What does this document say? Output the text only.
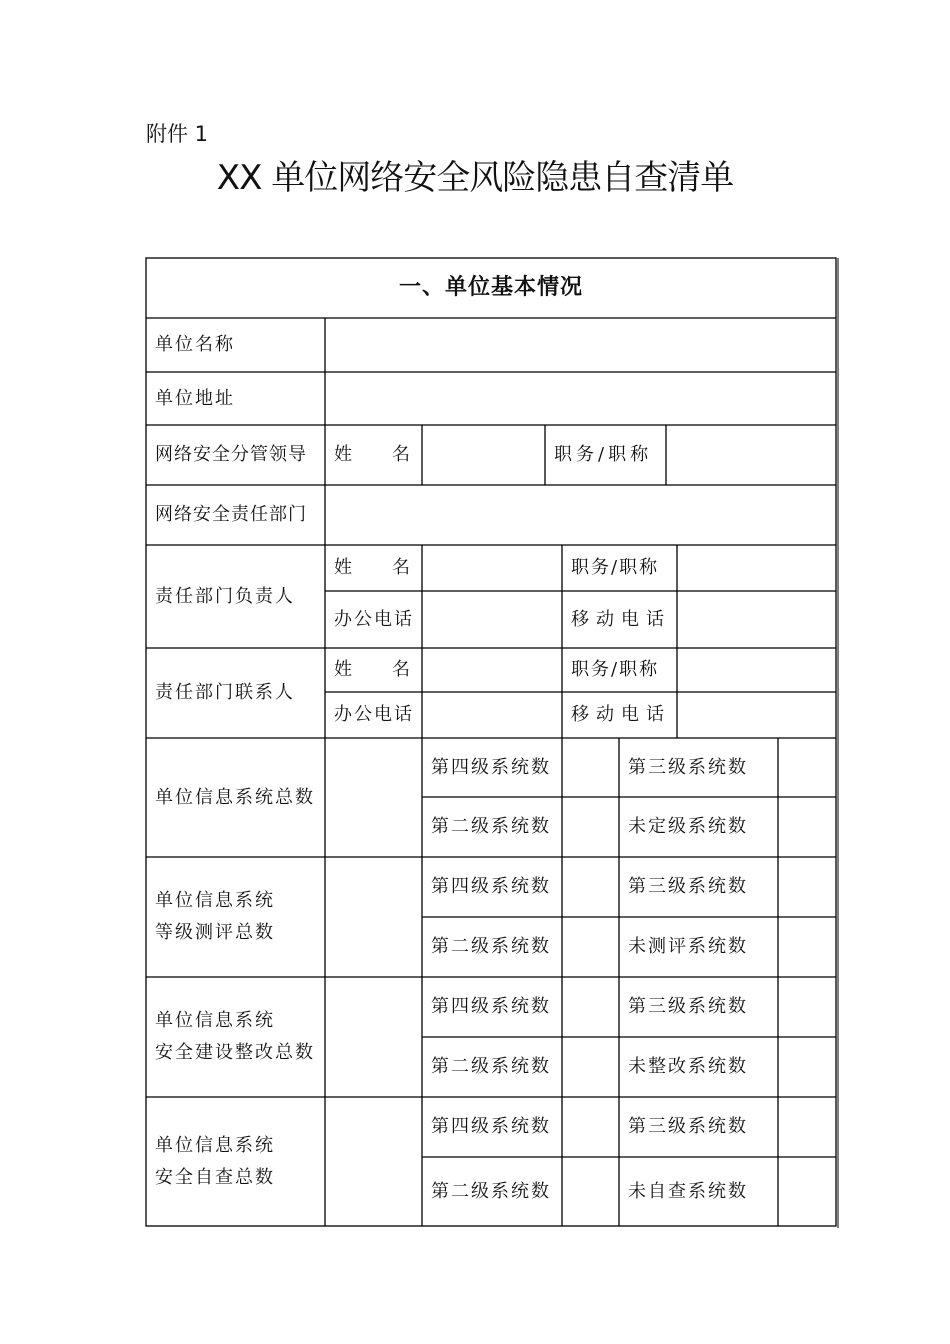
附件 1
XX 单位网络安全风险隐患自查清单
一、单位基本情况
单位名称
单位地址
网络安全分管领导	姓 名	职务/职称
网络安全责任部门
责任部门负责人
姓 名	职务/职称
办公电话	移动电话
责任部门联系人
姓 名	职务/职称
办公电话	移动电话
单位信息系统总数
第四级系统数	第三级系统数
第二级系统数	未定级系统数
单位信息系统
等级测评总数
第四级系统数	第三级系统数
第二级系统数	未测评系统数
单位信息系统
安全建设整改总数
第四级系统数	第三级系统数
第二级系统数	未整改系统数
单位信息系统
安全自查总数
第四级系统数	第三级系统数
第二级系统数	未自查系统数
